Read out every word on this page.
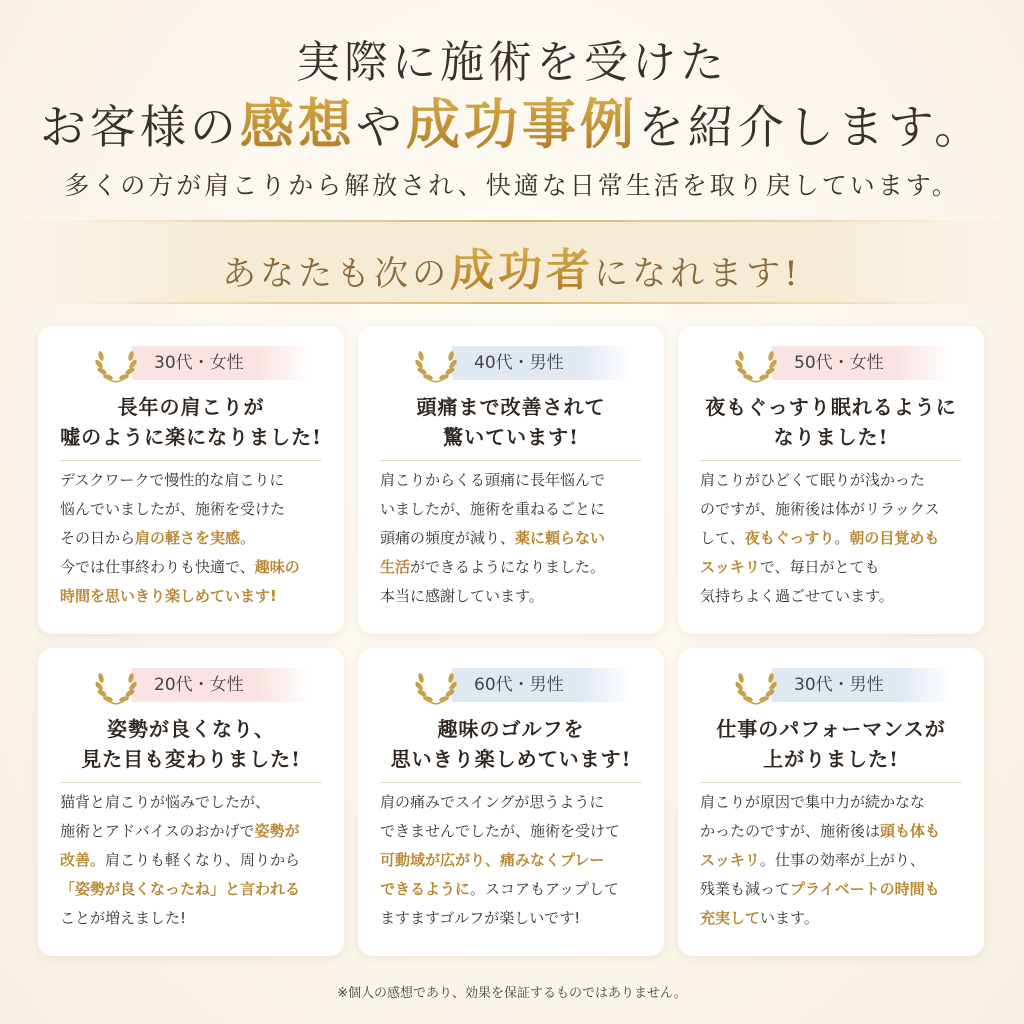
実際に施術を受けた
お客様の感想や成功事例を紹介します。
多くの方が肩こりから解放され、快適な日常生活を取り戻しています。
あなたも次の成功者になれます!
30代・女性
長年の肩こりが
嘘のように楽になりました!
デスクワークで慢性的な肩こりに
悩んでいましたが、施術を受けた
その日から肩の軽さを実感。
今では仕事終わりも快適で、趣味の
時間を思いきり楽しめています!
40代・男性
頭痛まで改善されて
驚いています!
肩こりからくる頭痛に長年悩んで
いましたが、施術を重ねるごとに
頭痛の頻度が減り、薬に頼らない
生活ができるようになりました。
本当に感謝しています。
50代・女性
夜もぐっすり眠れるように
なりました!
肩こりがひどくて眠りが浅かった
のですが、施術後は体がリラックス
して、夜もぐっすり。朝の目覚めも
スッキリで、毎日がとても
気持ちよく過ごせています。
20代・女性
姿勢が良くなり、
見た目も変わりました!
猫背と肩こりが悩みでしたが、
施術とアドバイスのおかげで姿勢が
改善。肩こりも軽くなり、周りから
「姿勢が良くなったね」と言われる
ことが増えました!
60代・男性
趣味のゴルフを
思いきり楽しめています!
肩の痛みでスイングが思うように
できませんでしたが、施術を受けて
可動域が広がり、痛みなくプレー
できるように。スコアもアップして
ますますゴルフが楽しいです!
30代・男性
仕事のパフォーマンスが
上がりました!
肩こりが原因で集中力が続かなな
かったのですが、施術後は頭も体も
スッキリ。仕事の効率が上がり、
残業も減ってプライベートの時間も
充実しています。
※個人の感想であり、効果を保証するものではありません。
